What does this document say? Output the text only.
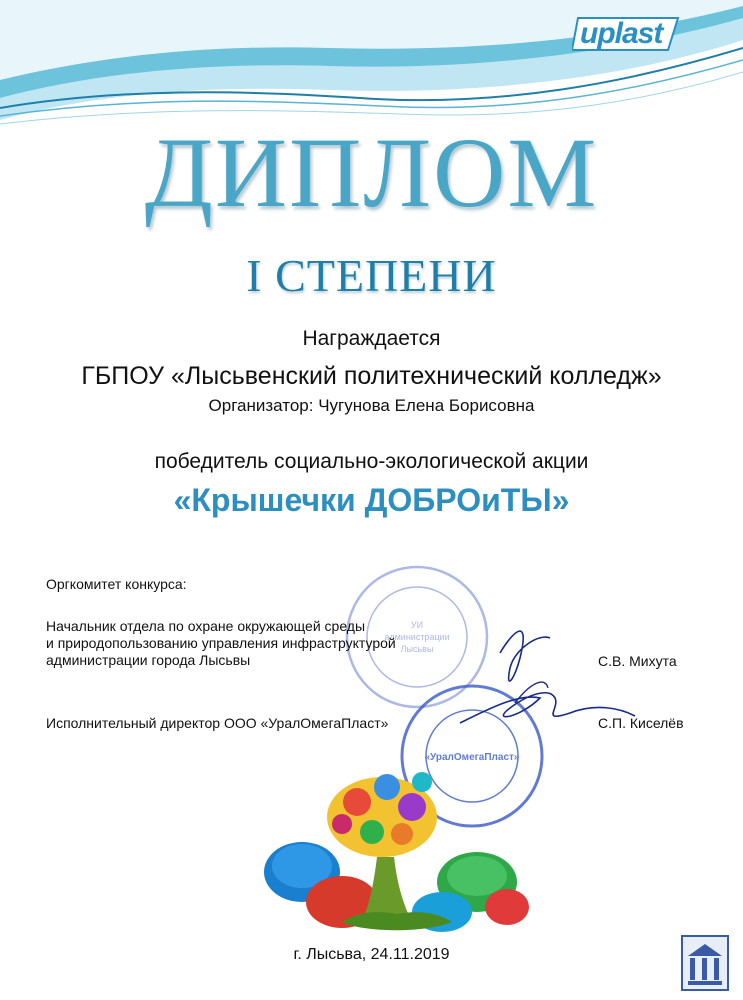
uplast
ДИПЛОМ
I СТЕПЕНИ
Награждается
ГБПОУ «Лысьвенский политехнический колледж»
Организатор: Чугунова Елена Борисовна
победитель социально-экологической акции
«Крышечки ДОБРОиТЫ»
УИ
администрации
Лысьвы
«УралОмегаПласт»
Оргкомитет конкурса:
Начальник отдела по охране окружающей среды
и природопользованию управления инфраструктурой
администрации города Лысьвы	С.В. Михута
Исполнительный директор ООО «УралОмегаПласт»	С.П. Киселёв
г. Лысьва, 24.11.2019
